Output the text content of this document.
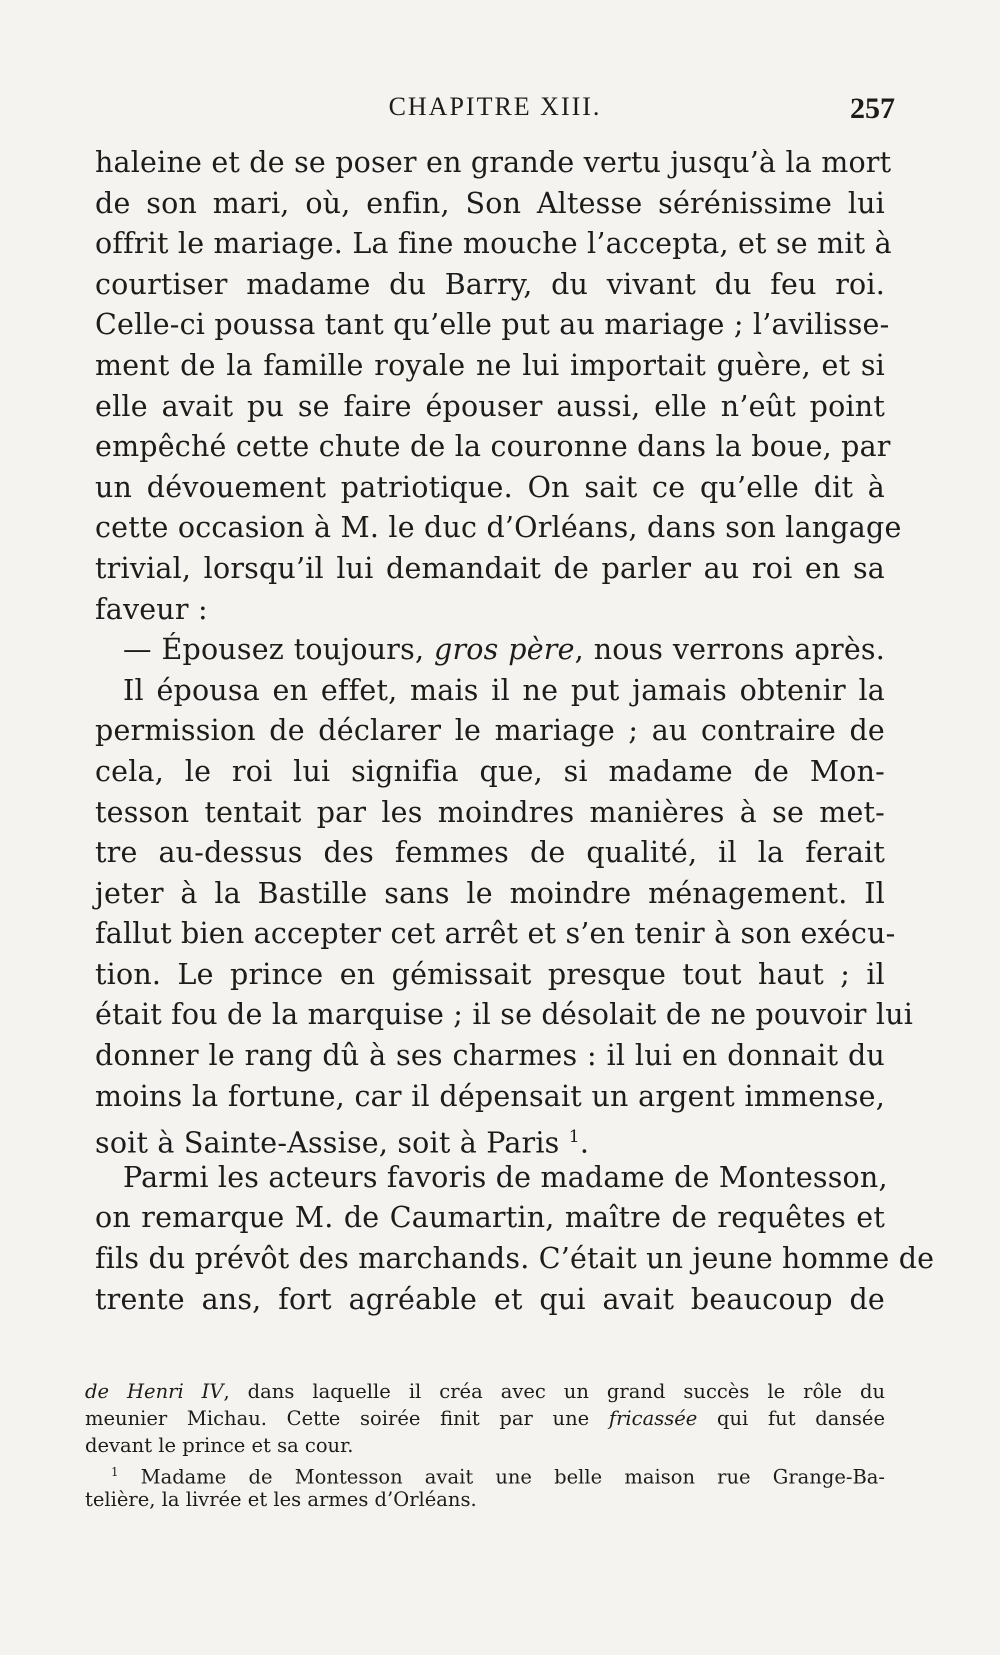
CHAPITRE XIII.	257
haleine et de se poser en grande vertu jusqu’à la mort
de son mari, où, enfin, Son Altesse sérénissime lui
offrit le mariage. La fine mouche l’accepta, et se mit à
courtiser madame du Barry, du vivant du feu roi.
Celle-ci poussa tant qu’elle put au mariage ; l’avilisse-
ment de la famille royale ne lui importait guère, et si
elle avait pu se faire épouser aussi, elle n’eût point
empêché cette chute de la couronne dans la boue, par
un dévouement patriotique. On sait ce qu’elle dit à
cette occasion à M. le duc d’Orléans, dans son langage
trivial, lorsqu’il lui demandait de parler au roi en sa
faveur :
— Épousez toujours, gros père, nous verrons après.
Il épousa en effet, mais il ne put jamais obtenir la
permission de déclarer le mariage ; au contraire de
cela, le roi lui signifia que, si madame de Mon-
tesson tentait par les moindres manières à se met-
tre au-dessus des femmes de qualité, il la ferait
jeter à la Bastille sans le moindre ménagement. Il
fallut bien accepter cet arrêt et s’en tenir à son exécu-
tion. Le prince en gémissait presque tout haut ; il
était fou de la marquise ; il se désolait de ne pouvoir lui
donner le rang dû à ses charmes : il lui en donnait du
moins la fortune, car il dépensait un argent immense,
soit à Sainte-Assise, soit à Paris $^1$.
Parmi les acteurs favoris de madame de Montesson,
on remarque M. de Caumartin, maître de requêtes et
fils du prévôt des marchands. C’était un jeune homme de
trente ans, fort agréable et qui avait beaucoup de
de Henri IV, dans laquelle il créa avec un grand succès le rôle du
meunier Michau. Cette soirée finit par une fricassée qui fut dansée
devant le prince et sa cour.
$^1$ Madame de Montesson avait une belle maison rue Grange-Ba-
telière, la livrée et les armes d’Orléans.
